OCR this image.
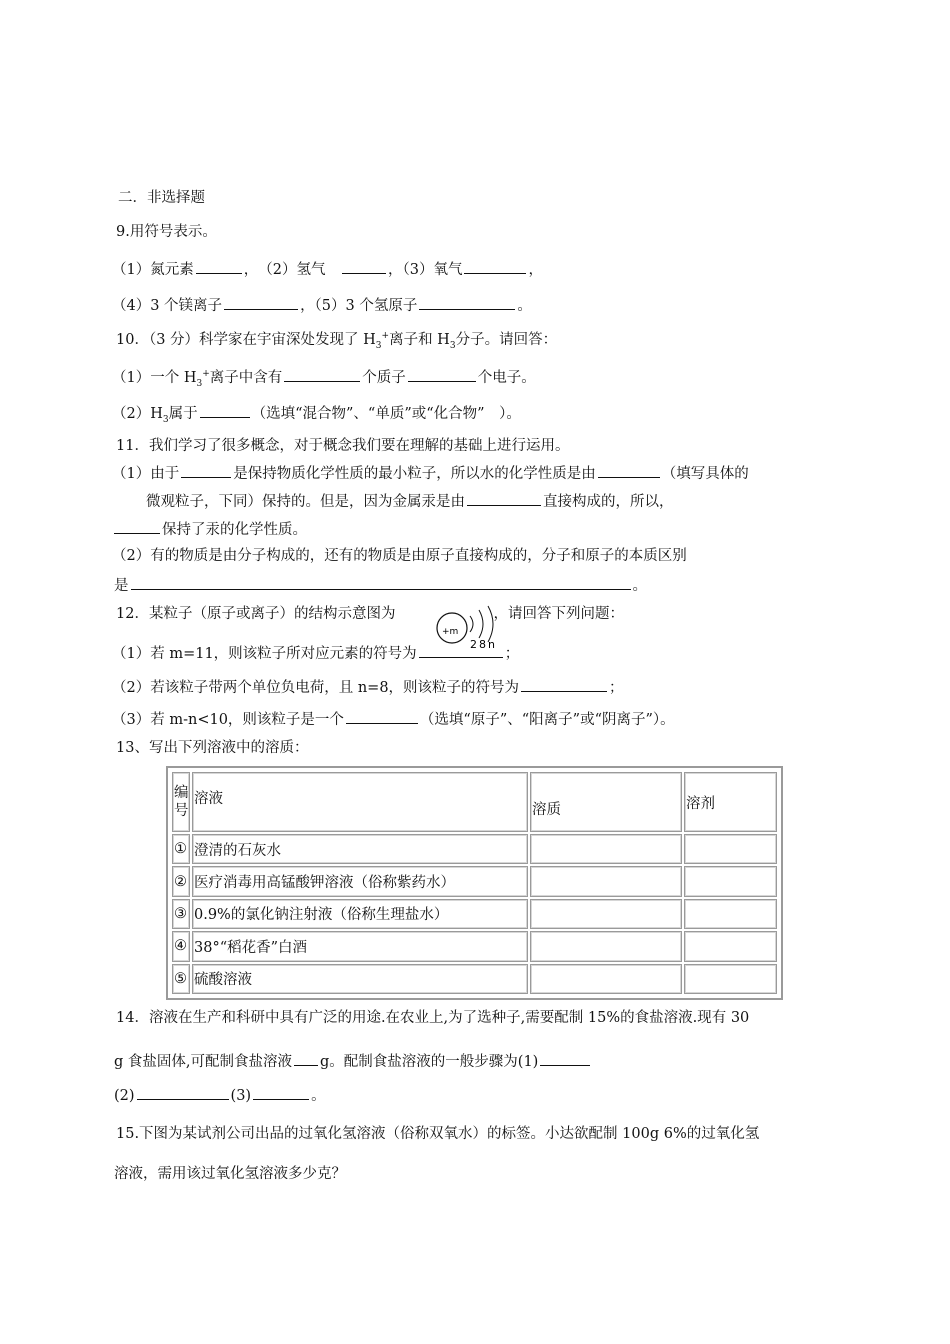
二．非选择题
9.用符号表示。
（1）氮元素	，　（2）氢气　	，（3）氧气	，
（4）3 个镁离子	，（5）3 个氢原子	。
10．（3 分）科学家在宇宙深处发现了 $H_3^+$离子和 $H_3$分子。请回答：
（1）一个 $H_3^+$离子中含有	个质子	个电子。
$(2)H_3$属于	（选填“混合物”、“单质”或“化合物”　）。
11．我们学习了很多概念，对于概念我们要在理解的基础上进行运用。
（1）由于	是保持物质化学性质的最小粒子，所以水的化学性质是由	（填写具体的
微观粒子，下同）保持的。但是，因为金属汞是由	直接构成的，所以，
保持了汞的化学性质。
（2）有的物质是由分子构成的，还有的物质是由原子直接构成的，分子和原子的本质区别
是	。
12．某粒子（原子或离子）的结构示意图为	，请回答下列问题：
+m
2 8 n
（1）若 m=11，则该粒子所对应元素的符号为	；
（2）若该粒子带两个单位负电荷，且 n=8，则该粒子的符号为	；
（3）若 m-n<10，则该粒子是一个	（选填“原子”、“阳离子”或“阴离子”）。
13、写出下列溶液中的溶质：
编号	溶液	溶质	溶剂
①	澄清的石灰水		
②	医疗消毒用高锰酸钾溶液（俗称紫药水）		
③	0.9%的氯化钠注射液（俗称生理盐水）		
④	38°“稻花香”白酒		
⑤	硫酸溶液		
14．溶液在生产和科研中具有广泛的用途.在农业上,为了选种子,需要配制 15%的食盐溶液.现有 30
g 食盐固体,可配制食盐溶液 g。配制食盐溶液的一般步骤为(1)
(2)	(3)	。
15.下图为某试剂公司出品的过氧化氢溶液（俗称双氧水）的标签。小达欲配制 100g 6%的过氧化氢
溶液，需用该过氧化氢溶液多少克？
